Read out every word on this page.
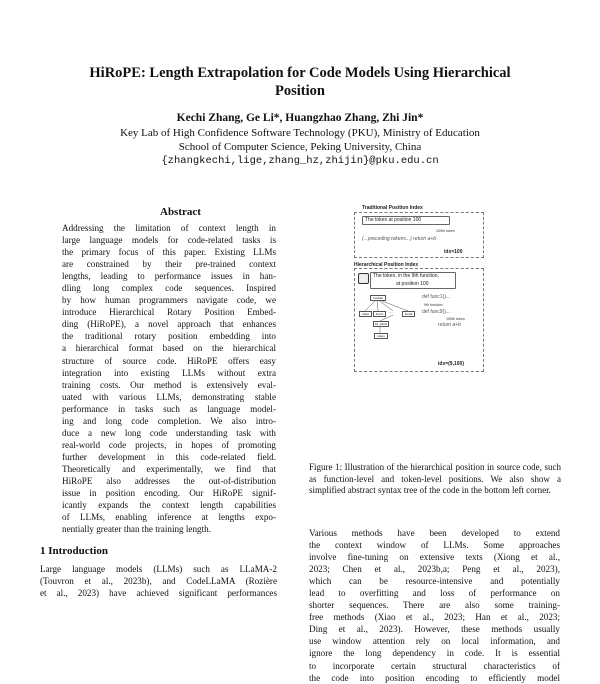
HiRoPE: Length Extrapolation for Code Models Using Hierarchical
Position
Kechi Zhang, Ge Li*, Huangzhao Zhang, Zhi Jin*
Key Lab of High Confidence Software Technology (PKU), Ministry of Education
School of Computer Science, Peking University, China
{zhangkechi,lige,zhang_hz,zhijin}@pku.edu.cn
Abstract
Addressing the limitation of context length in
large language models for code-related tasks is
the primary focus of this paper. Existing LLMs
are constrained by their pre-trained context
lengths, leading to performance issues in han-
dling long complex code sequences. Inspired
by how human programmers navigate code, we
introduce Hierarchical Rotary Position Embed-
ding (HiRoPE), a novel approach that enhances
the traditional rotary position embedding into
a hierarchical format based on the hierarchical
structure of source code. HiRoPE offers easy
integration into existing LLMs without extra
training costs. Our method is extensively eval-
uated with various LLMs, demonstrating stable
performance in tasks such as language model-
ing and long code completion. We also intro-
duce a new long code understanding task with
real-world code projects, in hopes of promoting
further development in this code-related field.
Theoretically and experimentally, we find that
HiRoPE also addresses the out-of-distribution
issue in position encoding. Our HiRoPE signif-
icantly expands the context length capabilities
of LLMs, enabling inference at lengths expo-
nentially greater than the training length.
1 Introduction
Large language models (LLMs) such as LLaMA-2
(Touvron et al., 2023b), and CodeLLaMA (Rozière
et al., 2023) have achieved significant performances
Various methods have been developed to extend
the context window of LLMs. Some approaches
involve fine-tuning on extensive texts (Xiong et al.,
2023; Chen et al., 2023b,a; Peng et al., 2023),
which can be resource-intensive and potentially
lead to overfitting and loss of performance on
shorter sequences. There are also some training-
free methods (Xiao et al., 2023; Han et al., 2023;
Ding et al., 2023). However, these methods usually
use window attention rely on local information, and
ignore the long dependency in code. It is essential
to incorporate certain structural characteristics of
the code into position encoding to efficiently model
Traditional Position Index
The token at position 100
100th token
(...preceding tokens...) return a+b
idx=100
Hierarchical Position Index
The token, in the 9th function,
at position 100
def func1()...
9th function
def func9()...
100th token
return a+b
idx=(9,100)
module
class	func1	···	func9
for_block
token
Figure 1: Illustration of the hierarchical position in source code, such as function-level and token-level positions. We also show a simplified abstract syntax tree of the code in the bottom left corner.
